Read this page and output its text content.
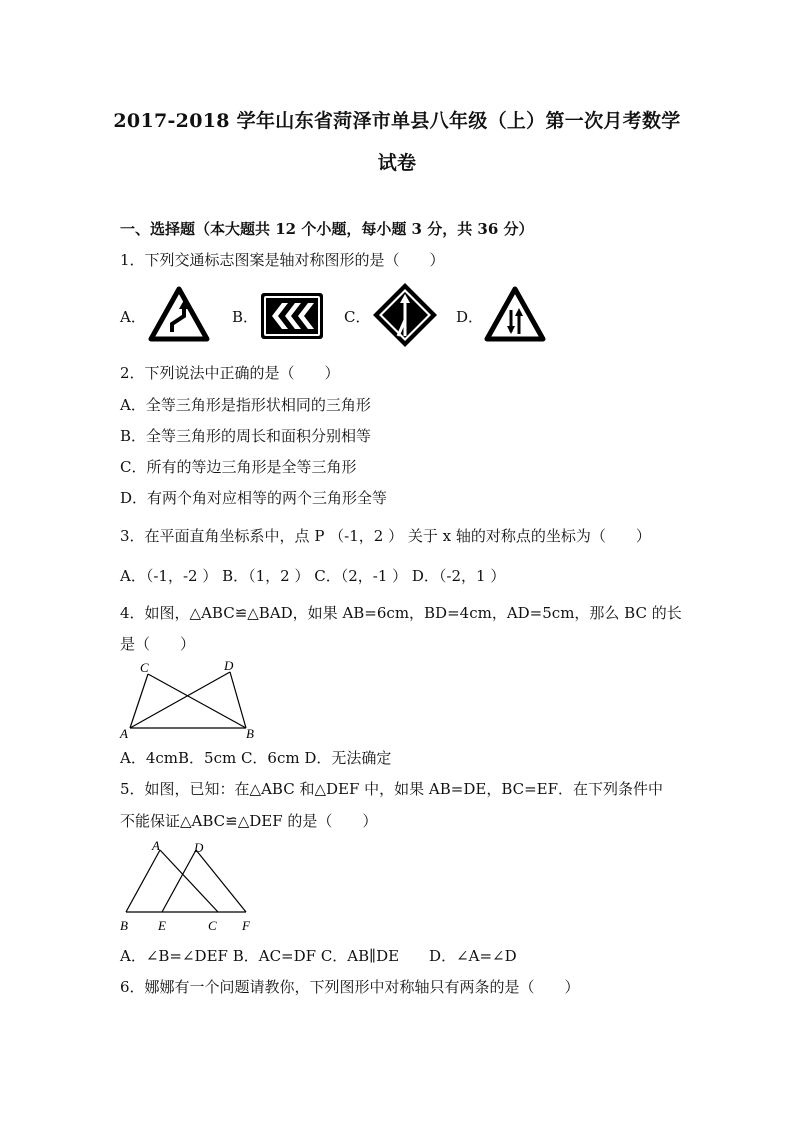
2017-2018 学年山东省菏泽市单县八年级（上）第一次月考数学
试卷
一、选择题（本大题共 12 个小题，每小题 3 分，共 36 分）
1．下列交通标志图案是轴对称图形的是（　　）
A．	B．	C．	D．
2．下列说法中正确的是（　　）
A．全等三角形是指形状相同的三角形
B．全等三角形的周长和面积分别相等
C．所有的等边三角形是全等三角形
D．有两个角对应相等的两个三角形全等
3．在平面直角坐标系中，点 P （-1，2 ） 关于 x 轴的对称点的坐标为（　　）
A．（-1，-2 ） B．（1，2 ） C．（2，-1 ） D．（-2，1 ）
4．如图，△ABC≌△BAD，如果 AB=6cm，BD=4cm，AD=5cm，那么 BC 的长
是（　　）
C	D
A	B
A．4cmB．5cm C．6cm D．无法确定
5．如图，已知：在△ABC 和△DEF 中，如果 AB=DE，BC=EF．在下列条件中
不能保证△ABC≌△DEF 的是（　　）
A	D
B E	C F
A．∠B=∠DEF B．AC=DF C．AB∥DE　　D．∠A=∠D
6．娜娜有一个问题请教你，下列图形中对称轴只有两条的是（　　）
